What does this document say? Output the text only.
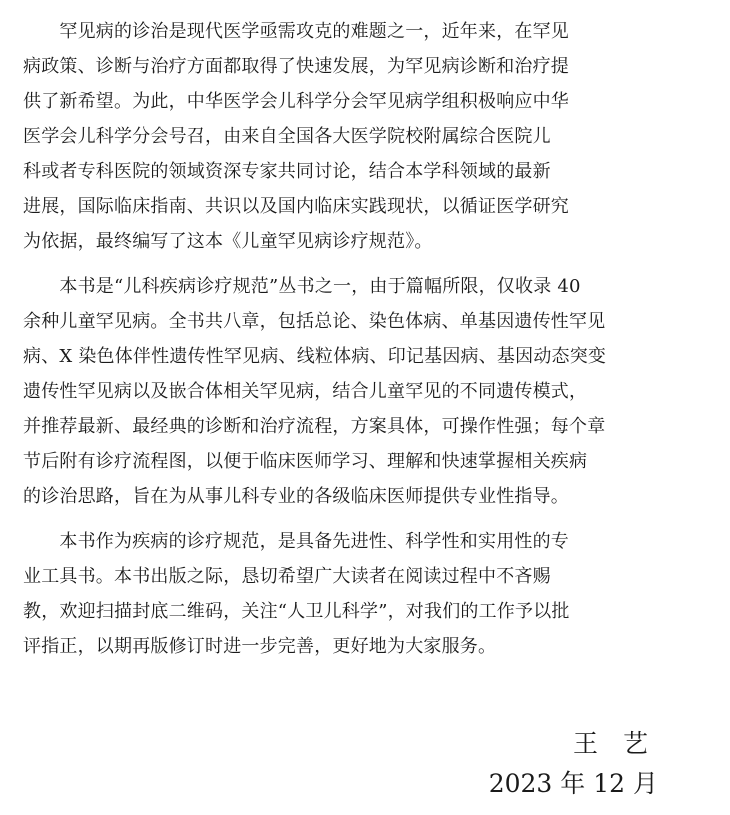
　　罕见病的诊治是现代医学亟需攻克的难题之一，近年来，在罕见
病政策、诊断与治疗方面都取得了快速发展，为罕见病诊断和治疗提
供了新希望。为此，中华医学会儿科学分会罕见病学组积极响应中华
医学会儿科学分会号召，由来自全国各大医学院校附属综合医院儿
科或者专科医院的领域资深专家共同讨论，结合本学科领域的最新
进展，国际临床指南、共识以及国内临床实践现状，以循证医学研究
为依据，最终编写了这本《儿童罕见病诊疗规范》。
　　本书是“儿科疾病诊疗规范”丛书之一，由于篇幅所限，仅收录 40
余种儿童罕见病。全书共八章，包括总论、染色体病、单基因遗传性罕见
病、X 染色体伴性遗传性罕见病、线粒体病、印记基因病、基因动态突变
遗传性罕见病以及嵌合体相关罕见病，结合儿童罕见的不同遗传模式，
并推荐最新、最经典的诊断和治疗流程，方案具体，可操作性强；每个章
节后附有诊疗流程图，以便于临床医师学习、理解和快速掌握相关疾病
的诊治思路，旨在为从事儿科专业的各级临床医师提供专业性指导。
　　本书作为疾病的诊疗规范，是具备先进性、科学性和实用性的专
业工具书。本书出版之际，恳切希望广大读者在阅读过程中不吝赐
教，欢迎扫描封底二维码，关注“人卫儿科学”，对我们的工作予以批
评指正，以期再版修订时进一步完善，更好地为大家服务。
王　艺
2023 年 12 月
